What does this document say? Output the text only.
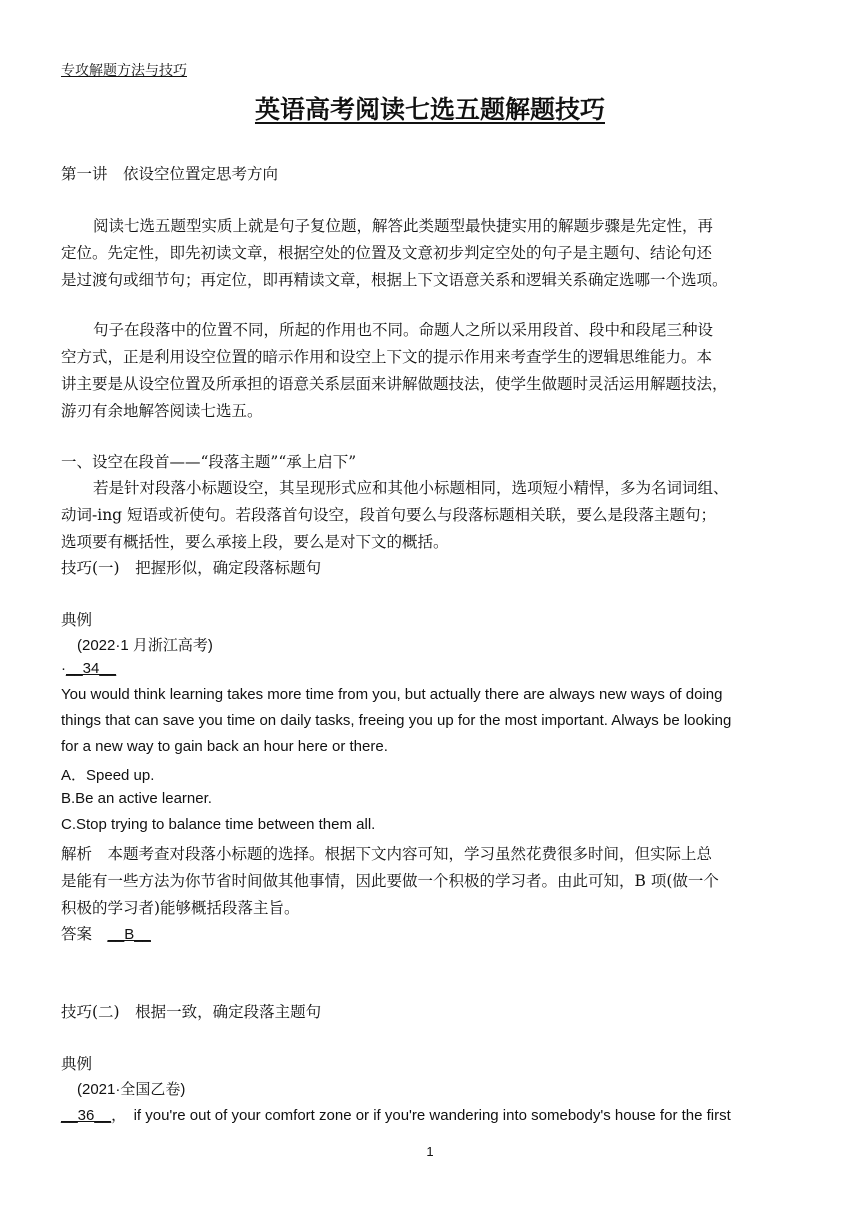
专攻解题方法与技巧
英语高考阅读七选五题解题技巧
第一讲　依设空位置定思考方向
阅读七选五题型实质上就是句子复位题，解答此类题型最快捷实用的解题步骤是先定性，再
定位。先定性，即先初读文章，根据空处的位置及文意初步判定空处的句子是主题句、结论句还
是过渡句或细节句；再定位，即再精读文章，根据上下文语意关系和逻辑关系确定选哪一个选项。
句子在段落中的位置不同，所起的作用也不同。命题人之所以采用段首、段中和段尾三种设
空方式，正是利用设空位置的暗示作用和设空上下文的提示作用来考查学生的逻辑思维能力。本
讲主要是从设空位置及所承担的语意关系层面来讲解做题技法，使学生做题时灵活运用解题技法，
游刃有余地解答阅读七选五。
一、设空在段首——“段落主题”“承上启下”
若是针对段落小标题设空，其呈现形式应和其他小标题相同，选项短小精悍，多为名词词组、
动词-ing 短语或祈使句。若段落首句设空，段首句要么与段落标题相关联，要么是段落主题句；
选项要有概括性，要么承接上段，要么是对下文的概括。
技巧(一)　把握形似，确定段落标题句
典例
(2022·1 月浙江高考)
·__34__
You would think learning takes more time from you, but actually there are always new ways of doing
things that can save you time on daily tasks, freeing you up for the most important. Always be looking
for a new way to gain back an hour here or there.
A．Speed up.
B.Be an active learner.
C.Stop trying to balance time between them all.
解析　本题考查对段落小标题的选择。根据下文内容可知，学习虽然花费很多时间，但实际上总
是能有一些方法为你节省时间做其他事情，因此要做一个积极的学习者。由此可知，B 项(做一个
积极的学习者)能够概括段落主旨。
答案　__B__
技巧(二)　根据一致，确定段落主题句
典例
(2021·全国乙卷)
__36__，　if you're out of your comfort zone or if you're wandering into somebody's house for the first
1
